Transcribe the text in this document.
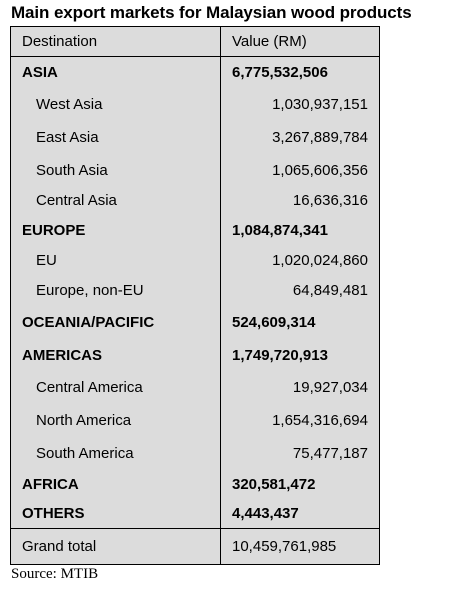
Main export markets for Malaysian wood products
Destination	Value (RM)
ASIA	6,775,532,506
West Asia	1,030,937,151
East Asia	3,267,889,784
South Asia	1,065,606,356
Central Asia	16,636,316
EUROPE	1,084,874,341
EU	1,020,024,860
Europe, non-EU	64,849,481
OCEANIA/PACIFIC	524,609,314
AMERICAS	1,749,720,913
Central America	19,927,034
North America	1,654,316,694
South America	75,477,187
AFRICA	320,581,472
OTHERS	4,443,437
Grand total	10,459,761,985
Source: MTIB
